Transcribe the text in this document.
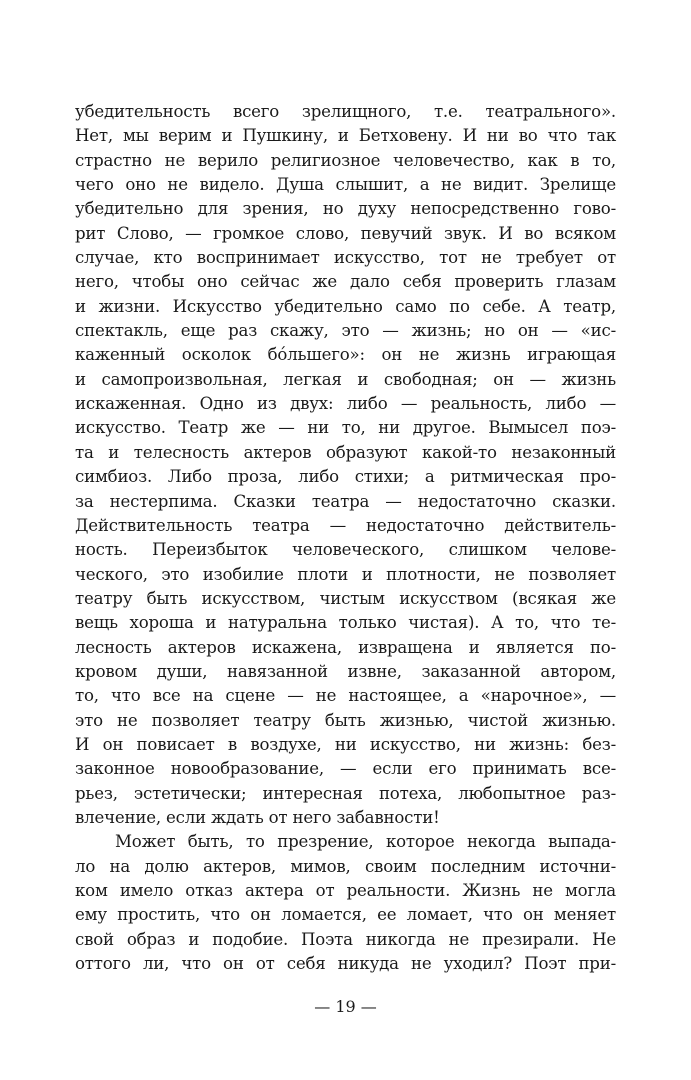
убедительность всего зрелищного, т.е. театрального».
Нет, мы верим и Пушкину, и Бетховену. И ни во что так
страстно не верило религиозное человечество, как в то,
чего оно не видело. Душа слышит, а не видит. Зрелище
убедительно для зрения, но духу непосредственно гово-
рит Слово, — громкое слово, певучий звук. И во всяком
случае, кто воспринимает искусство, тот не требует от
него, чтобы оно сейчас же дало себя проверить глазам
и жизни. Искусство убедительно само по себе. А театр,
спектакль, еще раз скажу, это — жизнь; но он — «ис-
каженный осколок бóльшего»: он не жизнь играющая
и самопроизвольная, легкая и свободная; он — жизнь
искаженная. Одно из двух: либо — реальность, либо —
искусство. Театр же — ни то, ни другое. Вымысел поэ-
та и телесность актеров образуют какой-то незаконный
симбиоз. Либо проза, либо стихи; а ритмическая про-
за нестерпима. Сказки театра — недостаточно сказки.
Действительность театра — недостаточно действитель-
ность. Переизбыток человеческого, слишком челове-
ческого, это изобилие плоти и плотности, не позволяет
театру быть искусством, чистым искусством (всякая же
вещь хороша и натуральна только чистая). А то, что те-
лесность актеров искажена, извращена и является по-
кровом души, навязанной извне, заказанной автором,
то, что все на сцене — не настоящее, а «нарочное», —
это не позволяет театру быть жизнью, чистой жизнью.
И он повисает в воздухе, ни искусство, ни жизнь: без-
законное новообразование, — если его принимать все-
рьез, эстетически; интересная потеха, любопытное раз-
влечение, если ждать от него забавности!
Может быть, то презрение, которое некогда выпада-
ло на долю актеров, мимов, своим последним источни-
ком имело отказ актера от реальности. Жизнь не могла
ему простить, что он ломается, ее ломает, что он меняет
свой образ и подобие. Поэта никогда не презирали. Не
оттого ли, что он от себя никуда не уходил? Поэт при-
— 19 —
